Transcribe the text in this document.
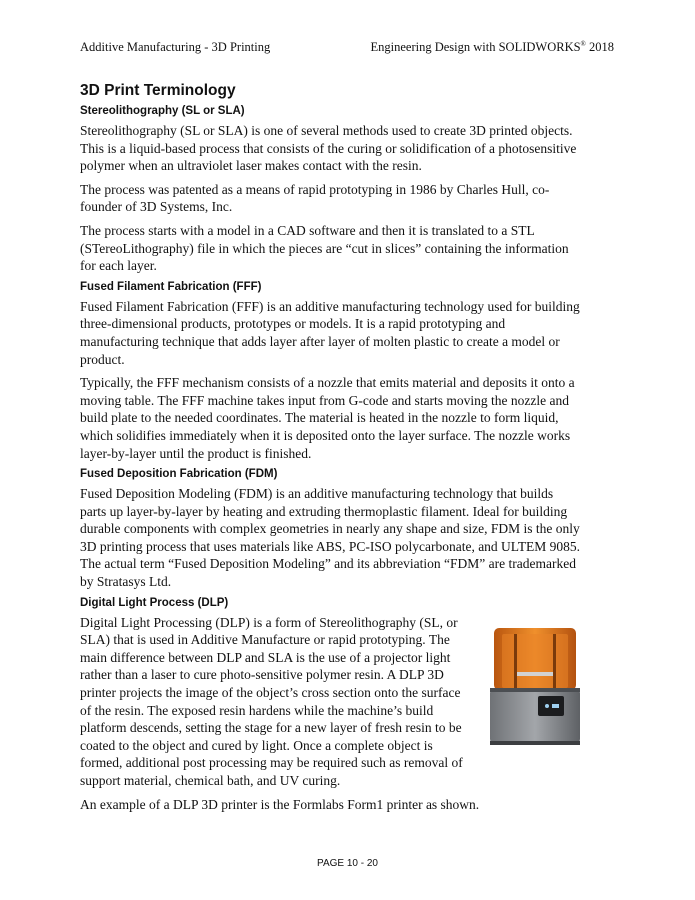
Additive Manufacturing - 3D Printing	Engineering Design with SOLIDWORKS® 2018
3D Print Terminology
Stereolithography (SL or SLA)

Stereolithography (SL or SLA) is one of several methods used to create 3D printed objects. This is a liquid-based process that consists of the curing or solidification of a photosensitive polymer when an ultraviolet laser makes contact with the resin.

The process was patented as a means of rapid prototyping in 1986 by Charles Hull, co-founder of 3D Systems, Inc.

The process starts with a model in a CAD software and then it is translated to a STL (STereoLithography) file in which the pieces are “cut in slices” containing the information for each layer.

Fused Filament Fabrication (FFF)

Fused Filament Fabrication (FFF) is an additive manufacturing technology used for building three-dimensional products, prototypes or models. It is a rapid prototyping and manufacturing technique that adds layer after layer of molten plastic to create a model or product.

Typically, the FFF mechanism consists of a nozzle that emits material and deposits it onto a moving table. The FFF machine takes input from G-code and starts moving the nozzle and build plate to the needed coordinates. The material is heated in the nozzle to form liquid, which solidifies immediately when it is deposited onto the layer surface. The nozzle works layer-by-layer until the product is finished.

Fused Deposition Fabrication (FDM)

Fused Deposition Modeling (FDM) is an additive manufacturing technology that builds parts up layer-by-layer by heating and extruding thermoplastic filament. Ideal for building durable components with complex geometries in nearly any shape and size, FDM is the only 3D printing process that uses materials like ABS, PC-ISO polycarbonate, and ULTEM 9085. The actual term “Fused Deposition Modeling” and its abbreviation “FDM” are trademarked by Stratasys Ltd.

Digital Light Process (DLP)

Digital Light Processing (DLP) is a form of Stereolithography (SL, or SLA) that is used in Additive Manufacture or rapid prototyping. The main difference between DLP and SLA is the use of a projector light rather than a laser to cure photo-sensitive polymer resin. A DLP 3D printer projects the image of the object’s cross section onto the surface of the resin. The exposed resin hardens while the machine’s build platform descends, setting the stage for a new layer of fresh resin to be coated to the object and cured by light. Once a complete object is formed, additional post processing may be required such as removal of support material, chemical bath, and UV curing.

An example of a DLP 3D printer is the Formlabs Form1 printer as shown.

PAGE 10 - 20
